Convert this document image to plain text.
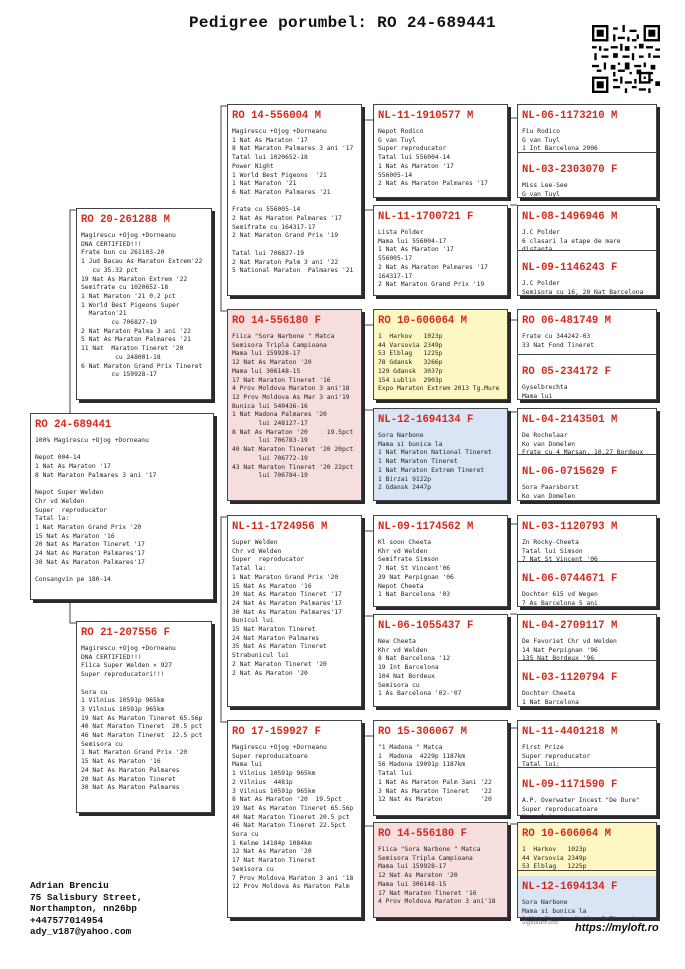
Pedigree porumbel: RO 24-689441
RO 24-689441
100% Magirescu +Ojog +Dorneanu

Nepot 004-14
1 Nat As Maraton '17
8 Nat Maraton Palmares 3 ani '17

Nepot Super Welden
Chr vd Welden
Super  reproducator
Tatal la:
1 Nat Maraton Grand Prix '20
15 Nat As Maraton '16
20 Nat As Maraton Tineret '17
24 Nat As Maraton Palmares'17
30 Nat As Maraton Palmares'17

Consangvin pe 180-14
RO 20-261288 M
Magirescu +Ojog +Dorneanu
DNA CERTIFIED!!!
Frate bun cu 261103-20
1 Jud Bacau As Maraton Extrem'22
cu 35.32 pct
19 Nat As Maraton Extrem '22
Semifrate cu 1020652-18
1 Nat Maraton '21 0.2 pct
1 World Best Pigeons Super
Maraton'21
cu 706827-19
2 Nat Maraton Palma 3 ani '22
5 Nat As Maraton Palmares '21
11 Nat  Maraton Tineret '20
cu 248001-18
6 Nat Maraton Grand Prix Tineret
cu 159928-17
RO 21-207556 F
Magirescu +Ojog +Dorneanu
DNA CERTIFIED!!!
Fiica Super Welden × 927
Super reproducatori!!!

Sora cu
1 Vilnius 10591p 965km
3 Vilnius 10591p 965km
19 Nat As Maraton Tineret 65.56p
40 Nat Maraton Tineret  20.5 pct
46 Nat Maraton Tineret  22.5 pct
Semisora cu
1 Nat Maraton Grand Prix '20
15 Nat As Maraton '16
24 Nat As Maraton Palmares
20 Nat As Maraton Tineret
30 Nat As Maraton Palmares
RO 14-556004 M
Magirescu +Ojog +Dorneanu
1 Nat As Maraton '17
8 Nat Maraton Palmares 3 ani '17
Tatal lui 1020652-18
Power Night
1 World Best Pigeons  '21
1 Nat Maraton '21
6 Nat Maraton Palmares '21

Frate cu 556005-14
2 Nat As Maraton Palmares '17
Semifrate cu 164317-17
2 Nat Maraton Grand Prix '19

Tatal lui 706827-19
2 Nat Maraton Palm 3 ani '22
5 National Maraton  Palmares '21
RO 14-556180 F
Fiica "Sora Narbone " Matca
Semisora Tripla Campioana
Mama lui 159928-17
12 Nat As Maraton '20
Mama lui 306148-15
17 Nat Maraton Tineret '16
4 Prov Moldova Maraton 3 ani'18
12 Prov Moldova As Mar 3 ani'19
Bunica lui 540436-16
1 Nat Madona Palmares '20
lui 248127-17
8 Nat As Maraton '20     19.5pct
lui 706783-19
40 Nat Maraton Tineret '20 20pct
lui 706772-19
43 Nat Maraton Tineret '20 22pct
lui 706784-19
NL-11-1724956 M
Super Welden
Chr vd Welden
Super  reproducator
Tatal la:
1 Nat Maraton Grand Prix '20
15 Nat As Maraton '16
20 Nat As Maraton Tineret '17
24 Nat As Maraton Palmares'17
30 Nat As Maraton Palmares'17
Bunicul lui
15 Nat Maraton Tineret
24 Nat Maraton Palmares
35 Nat As Maraton Tineret
Strabunicul lui
2 Nat Maraton Tineret '20
2 Nat As Maraton '20
RO 17-159927 F
Magirescu +Ojog +Dorneanu
Super reproducatoare
Mama lui
1 Vilnius 10591p 965km
2 Vilnius  4481p
3 Vilnius 10591p 965km
8 Nat As Maraton '20  19.5pct
19 Nat As Maraton Tineret 65.56p
40 Nat Maraton Tineret 20.5 pct
46 Nat Maraton Tineret 22.5pct
Sora cu
1 Kelme 14184p 1084km
12 Nat As Maraton '20
17 Nat Maraton Tineret
Semisora cu
7 Prov Moldova Maraton 3 ani '18
12 Prov Moldova As Maraton Palm
NL-11-1910577 M
Nepot Rodico
G van Tuyl
Super reproducator
Tatal lui 556004-14
1 Nat As Maraton '17
556005-14
2 Nat As Maraton Palmares '17
NL-11-1700721 F
Lista Polder
Mama lui 556004-17
1 Nat As Maraton '17
556005-17
2 Nat As Maraton Palmares '17
164317-17
2 Nat Maraton Grand Prix '19
RO 10-606064 M
1  Harkov   1023p
44 Varsovia 2349p
53 Elblag   1225p
78 Gdansk   3266p
129 Gdansk  3037p
154 Lublin  2903p
Expo Maraton Extrem 2013 Tg.Mure
NL-12-1694134 F
Sora Narbone
Mama si bunica la
1 Nat Maraton National Tineret
1 Nat Maraton Tineret
1 Nat Maraton Extrem Tineret
1 Birzai 9122p
2 Gdansk 2447p
NL-09-1174562 M
Kl soon Cheeta
Khr vd Welden
Semifrate Simson
7 Nat St Vincent'06
39 Nat Perpignan '06
Nepot Cheeta
1 Nat Barcelona '03
NL-06-1055437 F
New Cheeta
Khr vd Welden
8 Nat Barcelona '12
19 Int Barcelona
104 Nat Bordeux
Semisora cu
1 As Barcelona '02-'07
RO 15-306067 M
"1 Madona " Matca
1  Madona  4229p 1187km
56 Madona 19091p 1187km
Tatal lui
1 Nat As Maraton Palm 3ani '22
3 Nat As Maraton Tineret   '22
12 Nat As Maraton          '20
RO 14-556180 F
Fiica "Sora Narbone " Matca
Semisora Tripla Campioana
Mama lui 159928-17
12 Nat As Maraton '20
Mama lui 306148-15
17 Nat Maraton Tineret '16
4 Prov Moldova Maraton 3 ani'18
NL-06-1173210 M
Fiu Rodico
G van Tuyl
1 Int Barcelona 2006
NL-03-2303070 F
Miss Lee-See
G van Tuyl

NL-08-1496946 M
J.C Polder
6 clasari la etape de mare
distanta
NL-09-1146243 F
J.C Polder
Semisora cu 16, 20 Nat Barcelona
RO 06-481749 M
Frate cu 344242-03
33 Nat Fond Tineret
RO 05-234172 F
Gyselbrechta
Mama lui

NL-04-2143501 M
De Rochelaar
Ko van Domelen
Frate cu 4 Marsan. 10.27 Bordeux
NL-06-0715629 F
Sora Paarsborst
Ko van Domelen

NL-03-1120793 M
Zn Rocky-Cheeta
Tatal lui Simson
7 Nat St Vincent '06
NL-06-0744671 F
Dochter 615 vd Wegen
7 As Barcelona 5 ani

NL-04-2709117 M
De Favoriet Chr vd Welden
14 Nat Perpignan '96
135 Nat Bordeux '96
NL-03-1120794 F
Dochter Cheeta
1 Nat Barcelona
NL-11-4401218 M
First Prize
Super reproducator
Tatal lui:
NL-09-1171590 F
A.P. Overwater Incest "De Dure"
Super reproducatoare

RO 10-606064 M
1  Harkov   1023p
44 Varsovia 2349p
53 Elblag   1225p
NL-12-1694134 F
Sora Narbone
Mama si bunica la

Adrian Brenciu
75 Salisbury Street,
Northampton, nn26bp
+447577014954
ady_v187@yahoo.com
SignatureText https://myloft.ro
